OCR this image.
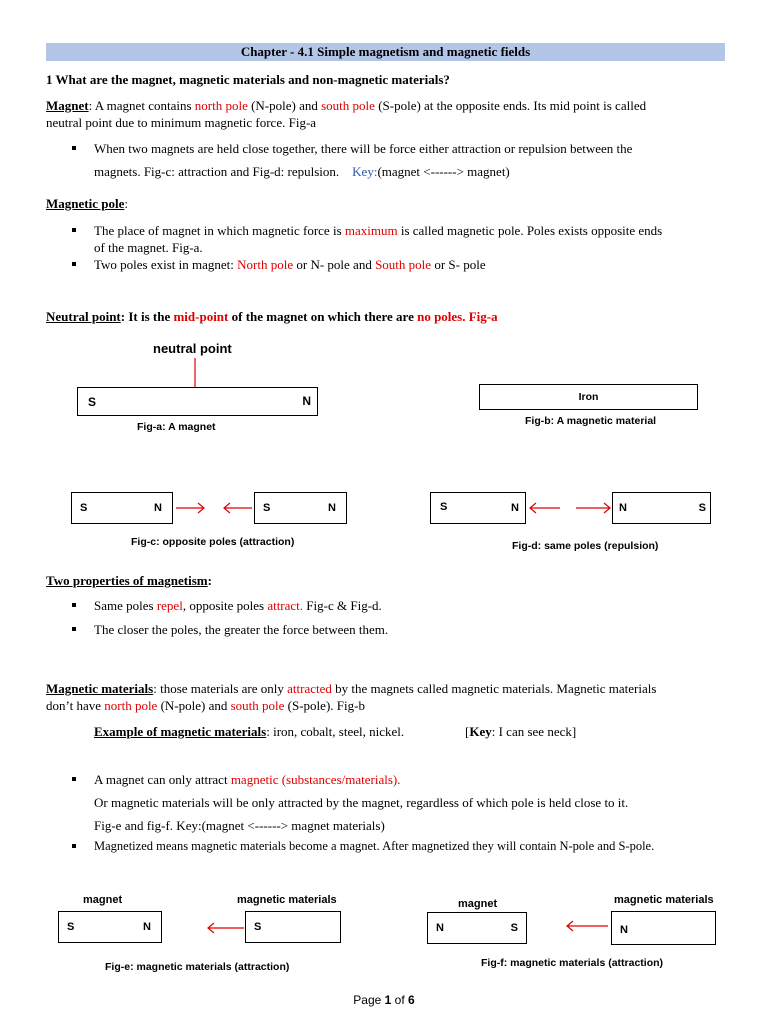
Chapter - 4.1 Simple magnetism and magnetic fields
1 What are the magnet, magnetic materials and non-magnetic materials?
Magnet: A magnet contains north pole (N-pole) and south pole (S-pole) at the opposite ends. Its mid point is called
neutral point due to minimum magnetic force. Fig-a
When two magnets are held close together, there will be force either attraction or repulsion between the
magnets. Fig-c: attraction and Fig-d: repulsion. Key:(magnet <------> magnet)
Magnetic pole:
The place of magnet in which magnetic force is maximum is called magnetic pole. Poles exists opposite ends
of the magnet. Fig-a.
Two poles exist in magnet: North pole or N- pole and South pole or S- pole
Neutral point: It is the mid-point of the magnet on which there are no poles. Fig-a
neutral point
S	N
Fig-a: A magnet
Iron
Fig-b: A magnetic material
S	N	S	N
Fig-c: opposite poles (attraction)
S	N	N	S
Fig-d: same poles (repulsion)
Two properties of magnetism:
Same poles repel, opposite poles attract. Fig-c & Fig-d.
The closer the poles, the greater the force between them.
Magnetic materials: those materials are only attracted by the magnets called magnetic materials. Magnetic materials
don’t have north pole (N-pole) and south pole (S-pole). Fig-b
Example of magnetic materials: iron, cobalt, steel, nickel.	[Key: I can see neck]
A magnet can only attract magnetic (substances/materials).
Or magnetic materials will be only attracted by the magnet, regardless of which pole is held close to it.
Fig-e and fig-f. Key:(magnet <------> magnet materials)
Magnetized means magnetic materials become a magnet. After magnetized they will contain N-pole and S-pole.
magnet	magnetic materials
S	N	S
Fig-e: magnetic materials (attraction)
magnet	magnetic materials
N	S	N
Fig-f: magnetic materials (attraction)
Page 1 of 6
